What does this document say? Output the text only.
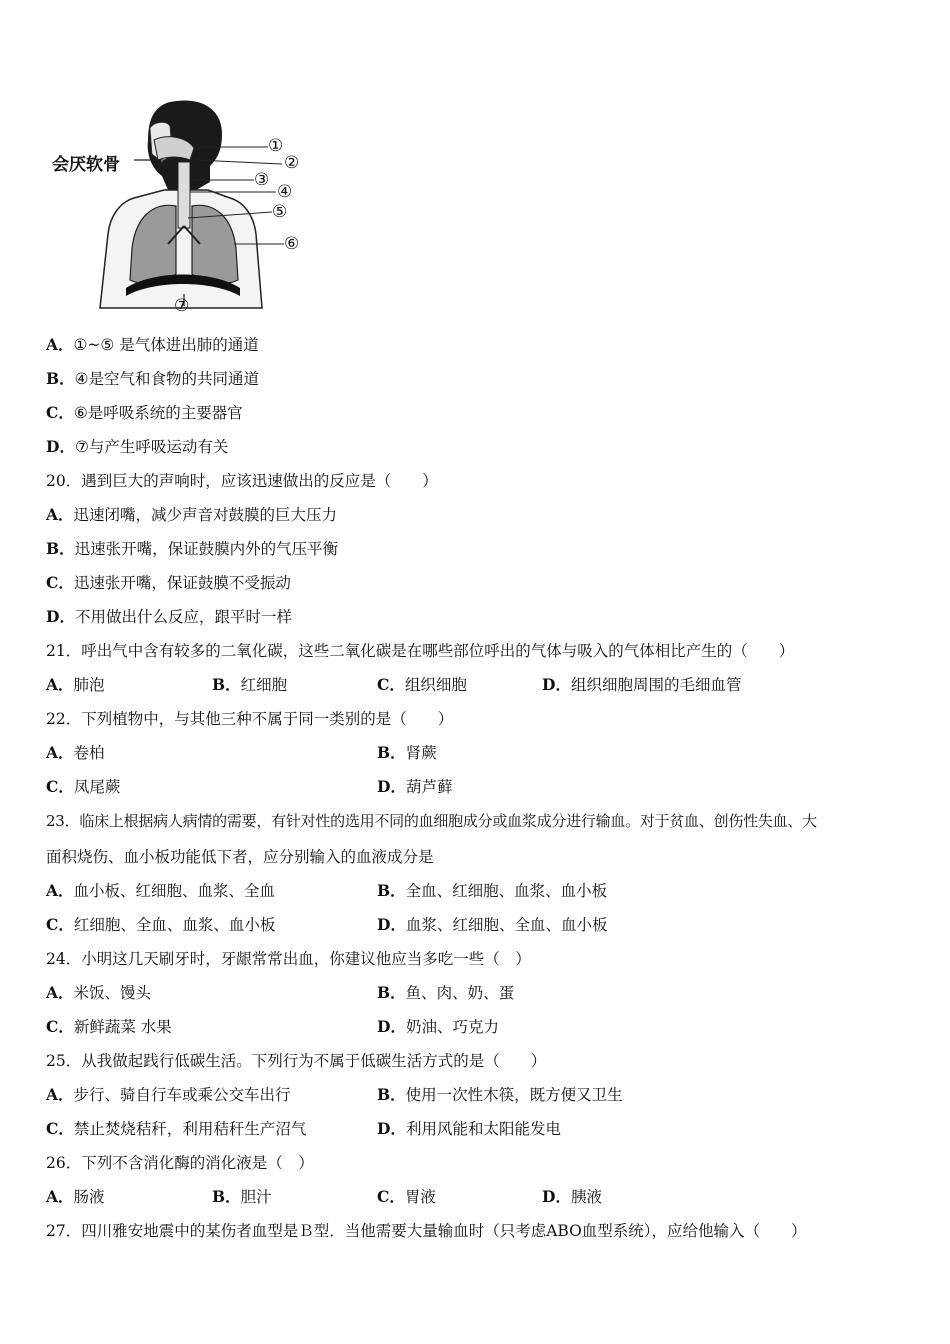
会厌软骨
①
②
③
④
⑤
⑥
⑦
A．①~⑤ 是气体进出肺的通道
B．④是空气和食物的共同通道
C．⑥是呼吸系统的主要器官
D．⑦与产生呼吸运动有关
20．遇到巨大的声响时，应该迅速做出的反应是（　　）
A．迅速闭嘴，减少声音对鼓膜的巨大压力
B．迅速张开嘴，保证鼓膜内外的气压平衡
C．迅速张开嘴，保证鼓膜不受振动
D．不用做出什么反应，跟平时一样
21．呼出气中含有较多的二氧化碳，这些二氧化碳是在哪些部位呼出的气体与吸入的气体相比产生的（　　）
A．肺泡	B．红细胞	C．组织细胞	D．组织细胞周围的毛细血管
22．下列植物中，与其他三种不属于同一类别的是（　　）
A．卷柏	B．肾蕨
C．凤尾蕨	D．葫芦藓
23．临床上根据病人病情的需要，有针对性的选用不同的血细胞成分或血浆成分进行输血。对于贫血、创伤性失血、大
面积烧伤、血小板功能低下者，应分别输入的血液成分是
A．血小板、红细胞、血浆、全血	B．全血、红细胞、血浆、血小板
C．红细胞、全血、血浆、血小板	D．血浆、红细胞、全血、血小板
24．小明这几天刷牙时，牙龈常常出血，你建议他应当多吃一些（　）
A．米饭、馒头	B．鱼、肉、奶、蛋
C．新鲜蔬菜 水果	D．奶油、巧克力
25．从我做起践行低碳生活。下列行为不属于低碳生活方式的是（　　）
A．步行、骑自行车或乘公交车出行	B．使用一次性木筷，既方便又卫生
C．禁止焚烧秸秆，利用秸秆生产沼气	D．利用风能和太阳能发电
26．下列不含消化酶的消化液是（　）
A．肠液	B．胆汁	C．胃液	D．胰液
27．四川雅安地震中的某伤者血型是Ｂ型．当他需要大量输血时（只考虑ABO血型系统），应给他输入（　　）
